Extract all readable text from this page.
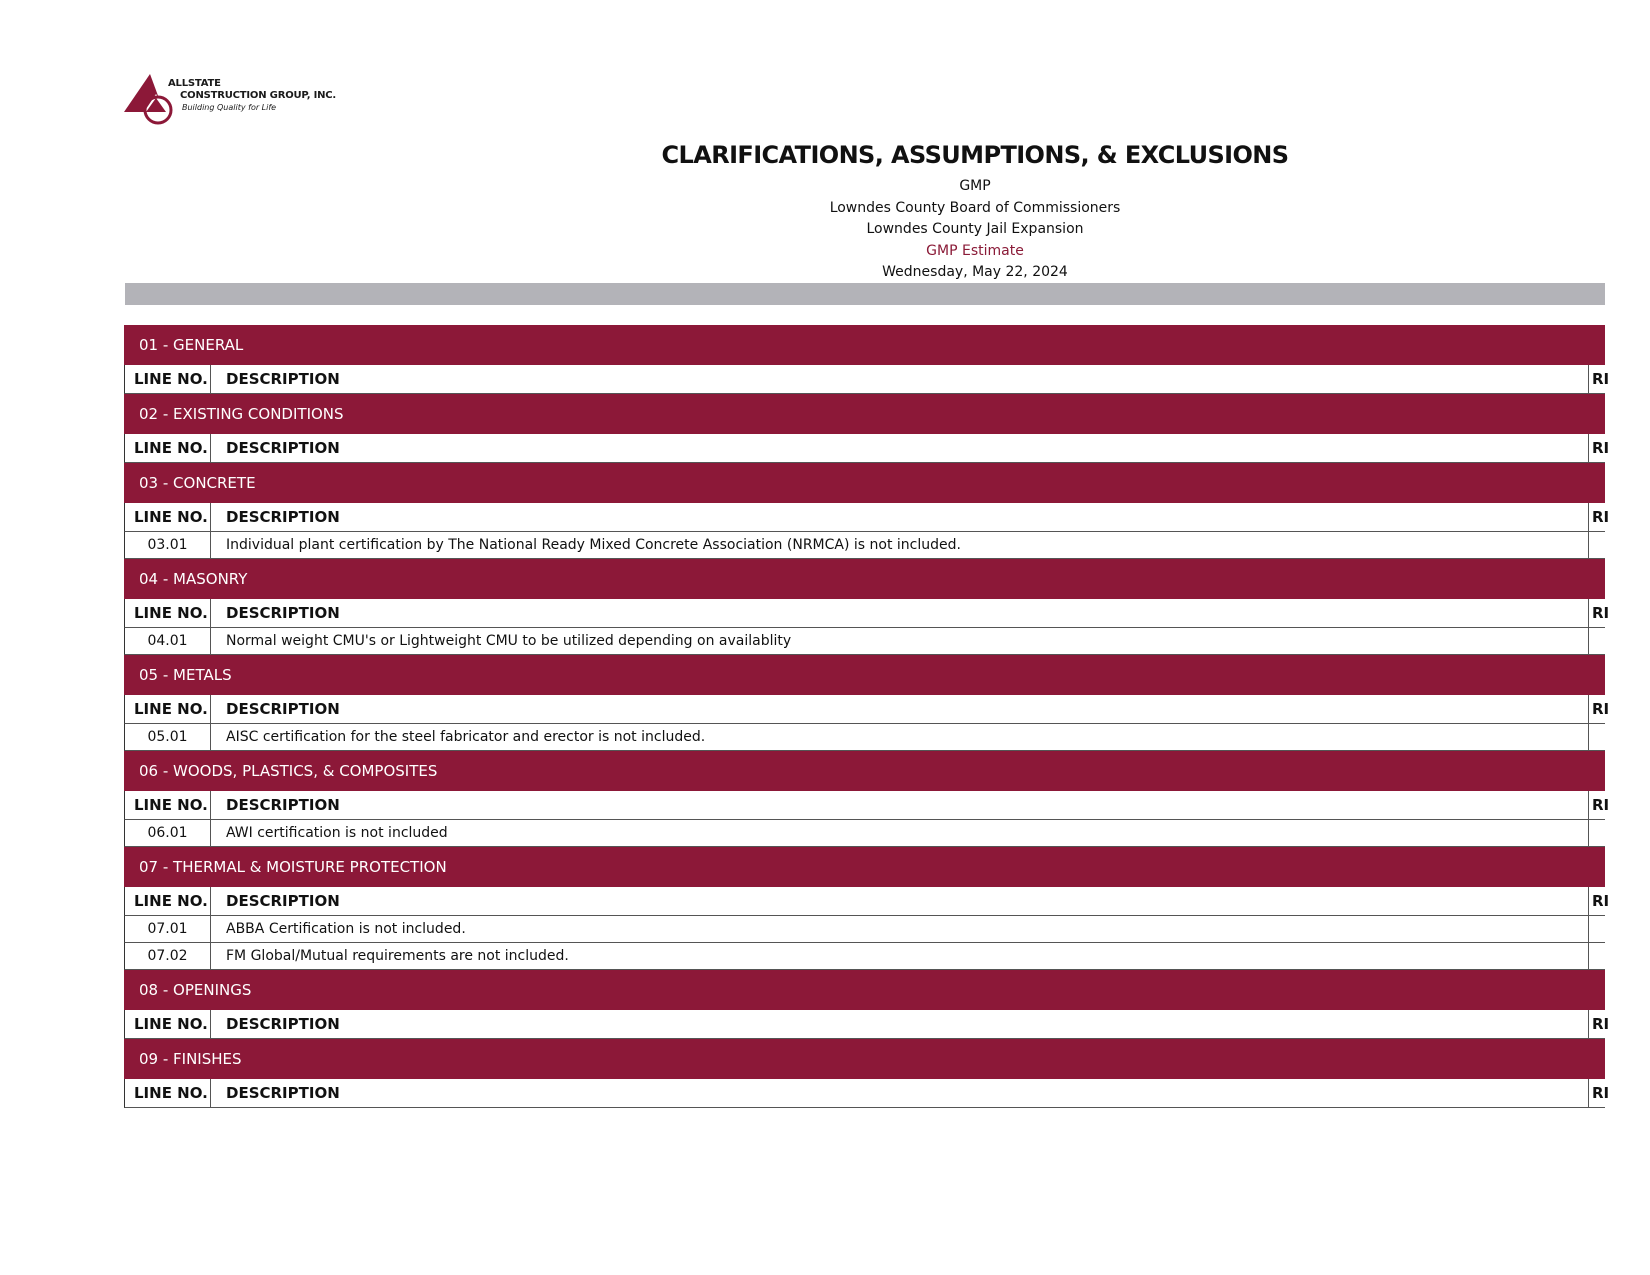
ALLSTATE
CONSTRUCTION GROUP, INC.
Building Quality for Life
CLARIFICATIONS, ASSUMPTIONS, & EXCLUSIONS
GMP
Lowndes County Board of Commissioners
Lowndes County Jail Expansion
GMP Estimate
Wednesday, May 22, 2024
01 - GENERAL
LINE NO.	DESCRIPTION	RI
02 - EXISTING CONDITIONS
LINE NO.	DESCRIPTION	RI
03 - CONCRETE
LINE NO.	DESCRIPTION	RI
03.01	Individual plant certification by The National Ready Mixed Concrete Association (NRMCA) is not included.
04 - MASONRY
LINE NO.	DESCRIPTION	RI
04.01	Normal weight CMU's or Lightweight CMU to be utilized depending on availablity
05 - METALS
LINE NO.	DESCRIPTION	RI
05.01	AISC certification for the steel fabricator and erector is not included.
06 - WOODS, PLASTICS, & COMPOSITES
LINE NO.	DESCRIPTION	RI
06.01	AWI certification is not included
07 - THERMAL & MOISTURE PROTECTION
LINE NO.	DESCRIPTION	RI
07.01	ABBA Certification is not included.
07.02	FM Global/Mutual requirements are not included.
08 - OPENINGS
LINE NO.	DESCRIPTION	RI
09 - FINISHES
LINE NO.	DESCRIPTION	RI
